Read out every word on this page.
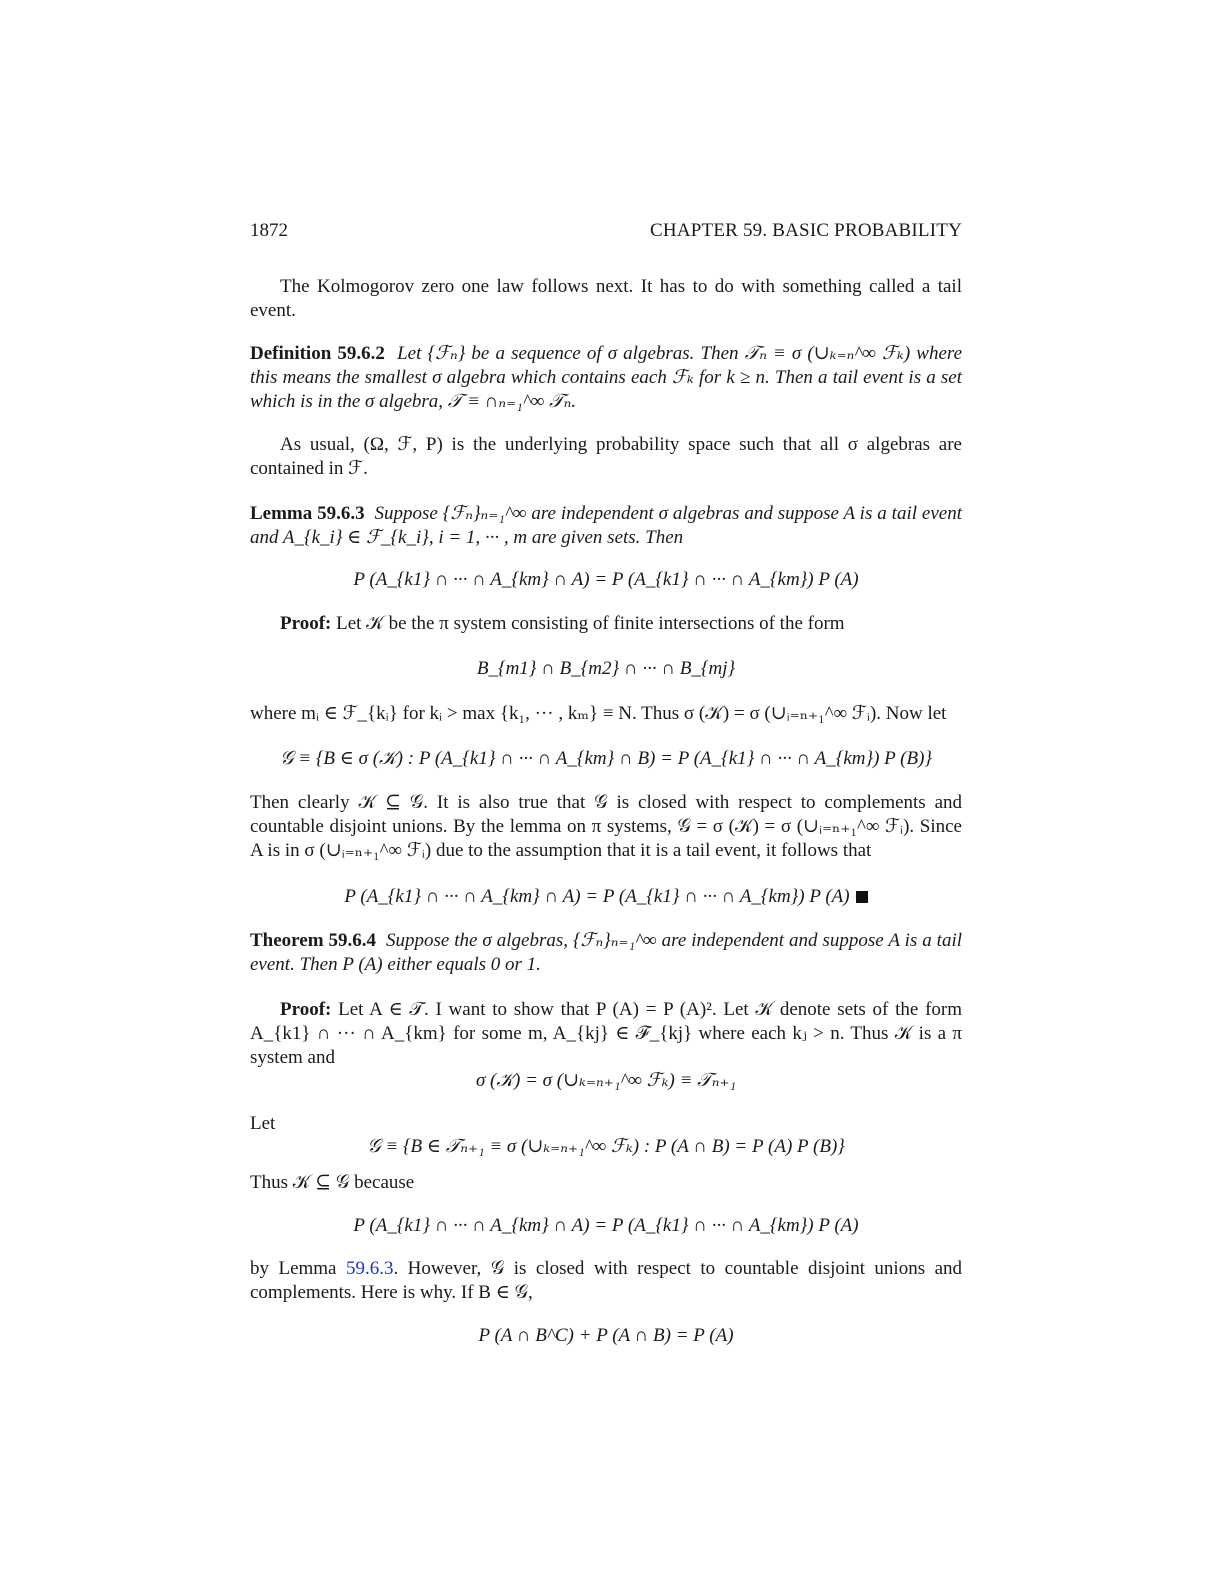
1872	CHAPTER 59. BASIC PROBABILITY
The Kolmogorov zero one law follows next. It has to do with something called a tail event.
Definition 59.6.2 Let {ℱₙ} be a sequence of σ algebras. Then 𝒯ₙ ≡ σ (∪ₖ₌ₙ^∞ ℱₖ) where this means the smallest σ algebra which contains each ℱₖ for k ≥ n. Then a tail event is a set which is in the σ algebra, 𝒯 ≡ ∩ₙ₌₁^∞ 𝒯ₙ.
As usual, (Ω, ℱ, P) is the underlying probability space such that all σ algebras are contained in ℱ.
Lemma 59.6.3 Suppose {ℱₙ}ₙ₌₁^∞ are independent σ algebras and suppose A is a tail event and A_{k_i} ∈ ℱ_{k_i}, i = 1, ··· , m are given sets. Then
P (A_{k1} ∩ ··· ∩ A_{km} ∩ A) = P (A_{k1} ∩ ··· ∩ A_{km}) P (A)
Proof: Let 𝒦 be the π system consisting of finite intersections of the form
B_{m1} ∩ B_{m2} ∩ ··· ∩ B_{mj}
where mᵢ ∈ ℱ_{kᵢ} for kᵢ > max {k₁, ··· , kₘ} ≡ N. Thus σ (𝒦) = σ (∪ᵢ₌ₙ₊₁^∞ ℱᵢ). Now let
𝒢 ≡ {B ∈ σ (𝒦) : P (A_{k1} ∩ ··· ∩ A_{km} ∩ B) = P (A_{k1} ∩ ··· ∩ A_{km}) P (B)}
Then clearly 𝒦 ⊆ 𝒢. It is also true that 𝒢 is closed with respect to complements and countable disjoint unions. By the lemma on π systems, 𝒢 = σ (𝒦) = σ (∪ᵢ₌ₙ₊₁^∞ ℱᵢ). Since A is in σ (∪ᵢ₌ₙ₊₁^∞ ℱᵢ) due to the assumption that it is a tail event, it follows that
P (A_{k1} ∩ ··· ∩ A_{km} ∩ A) = P (A_{k1} ∩ ··· ∩ A_{km}) P (A)
Theorem 59.6.4 Suppose the σ algebras, {ℱₙ}ₙ₌₁^∞ are independent and suppose A is a tail event. Then P (A) either equals 0 or 1.
Proof: Let A ∈ 𝒯. I want to show that P (A) = P (A)². Let 𝒦 denote sets of the form A_{k1} ∩ ··· ∩ A_{km} for some m, A_{kj} ∈ ℱ_{kj} where each kⱼ > n. Thus 𝒦 is a π system and
σ (𝒦) = σ (∪ₖ₌ₙ₊₁^∞ ℱₖ) ≡ 𝒯ₙ₊₁
Let
𝒢 ≡ {B ∈ 𝒯ₙ₊₁ ≡ σ (∪ₖ₌ₙ₊₁^∞ ℱₖ) : P (A ∩ B) = P (A) P (B)}
Thus 𝒦 ⊆ 𝒢 because
P (A_{k1} ∩ ··· ∩ A_{km} ∩ A) = P (A_{k1} ∩ ··· ∩ A_{km}) P (A)
by Lemma 59.6.3. However, 𝒢 is closed with respect to countable disjoint unions and complements. Here is why. If B ∈ 𝒢,
P (A ∩ B^C) + P (A ∩ B) = P (A)
